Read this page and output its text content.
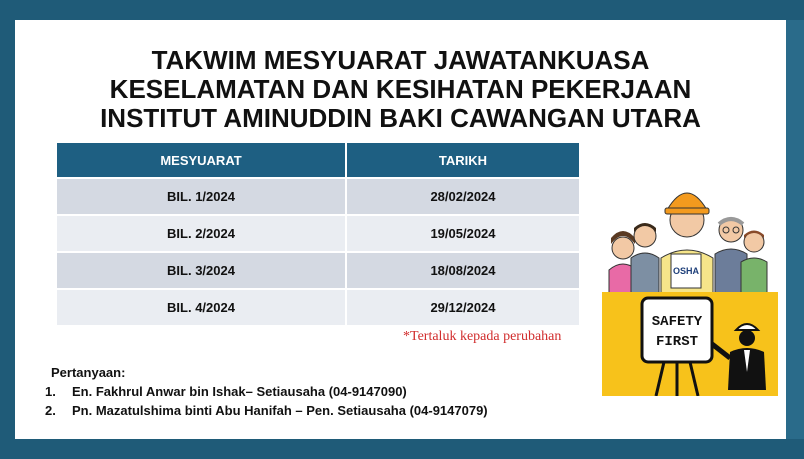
TAKWIM MESYUARAT JAWATANKUASA
KESELAMATAN DAN KESIHATAN PEKERJAAN
INSTITUT AMINUDDIN BAKI CAWANGAN UTARA
MESYUARAT	TARIKH
BIL. 1/2024	28/02/2024
BIL. 2/2024	19/05/2024
BIL. 3/2024	18/08/2024
BIL. 4/2024	29/12/2024
*Tertaluk kepada perubahan
Pertanyaan:
1. En. Fakhrul Anwar bin Ishak– Setiausaha (04-9147090)
2. Pn. Mazatulshima binti Abu Hanifah – Pen. Setiausaha (04-9147079)
OSHA
SAFETY
FIRST
